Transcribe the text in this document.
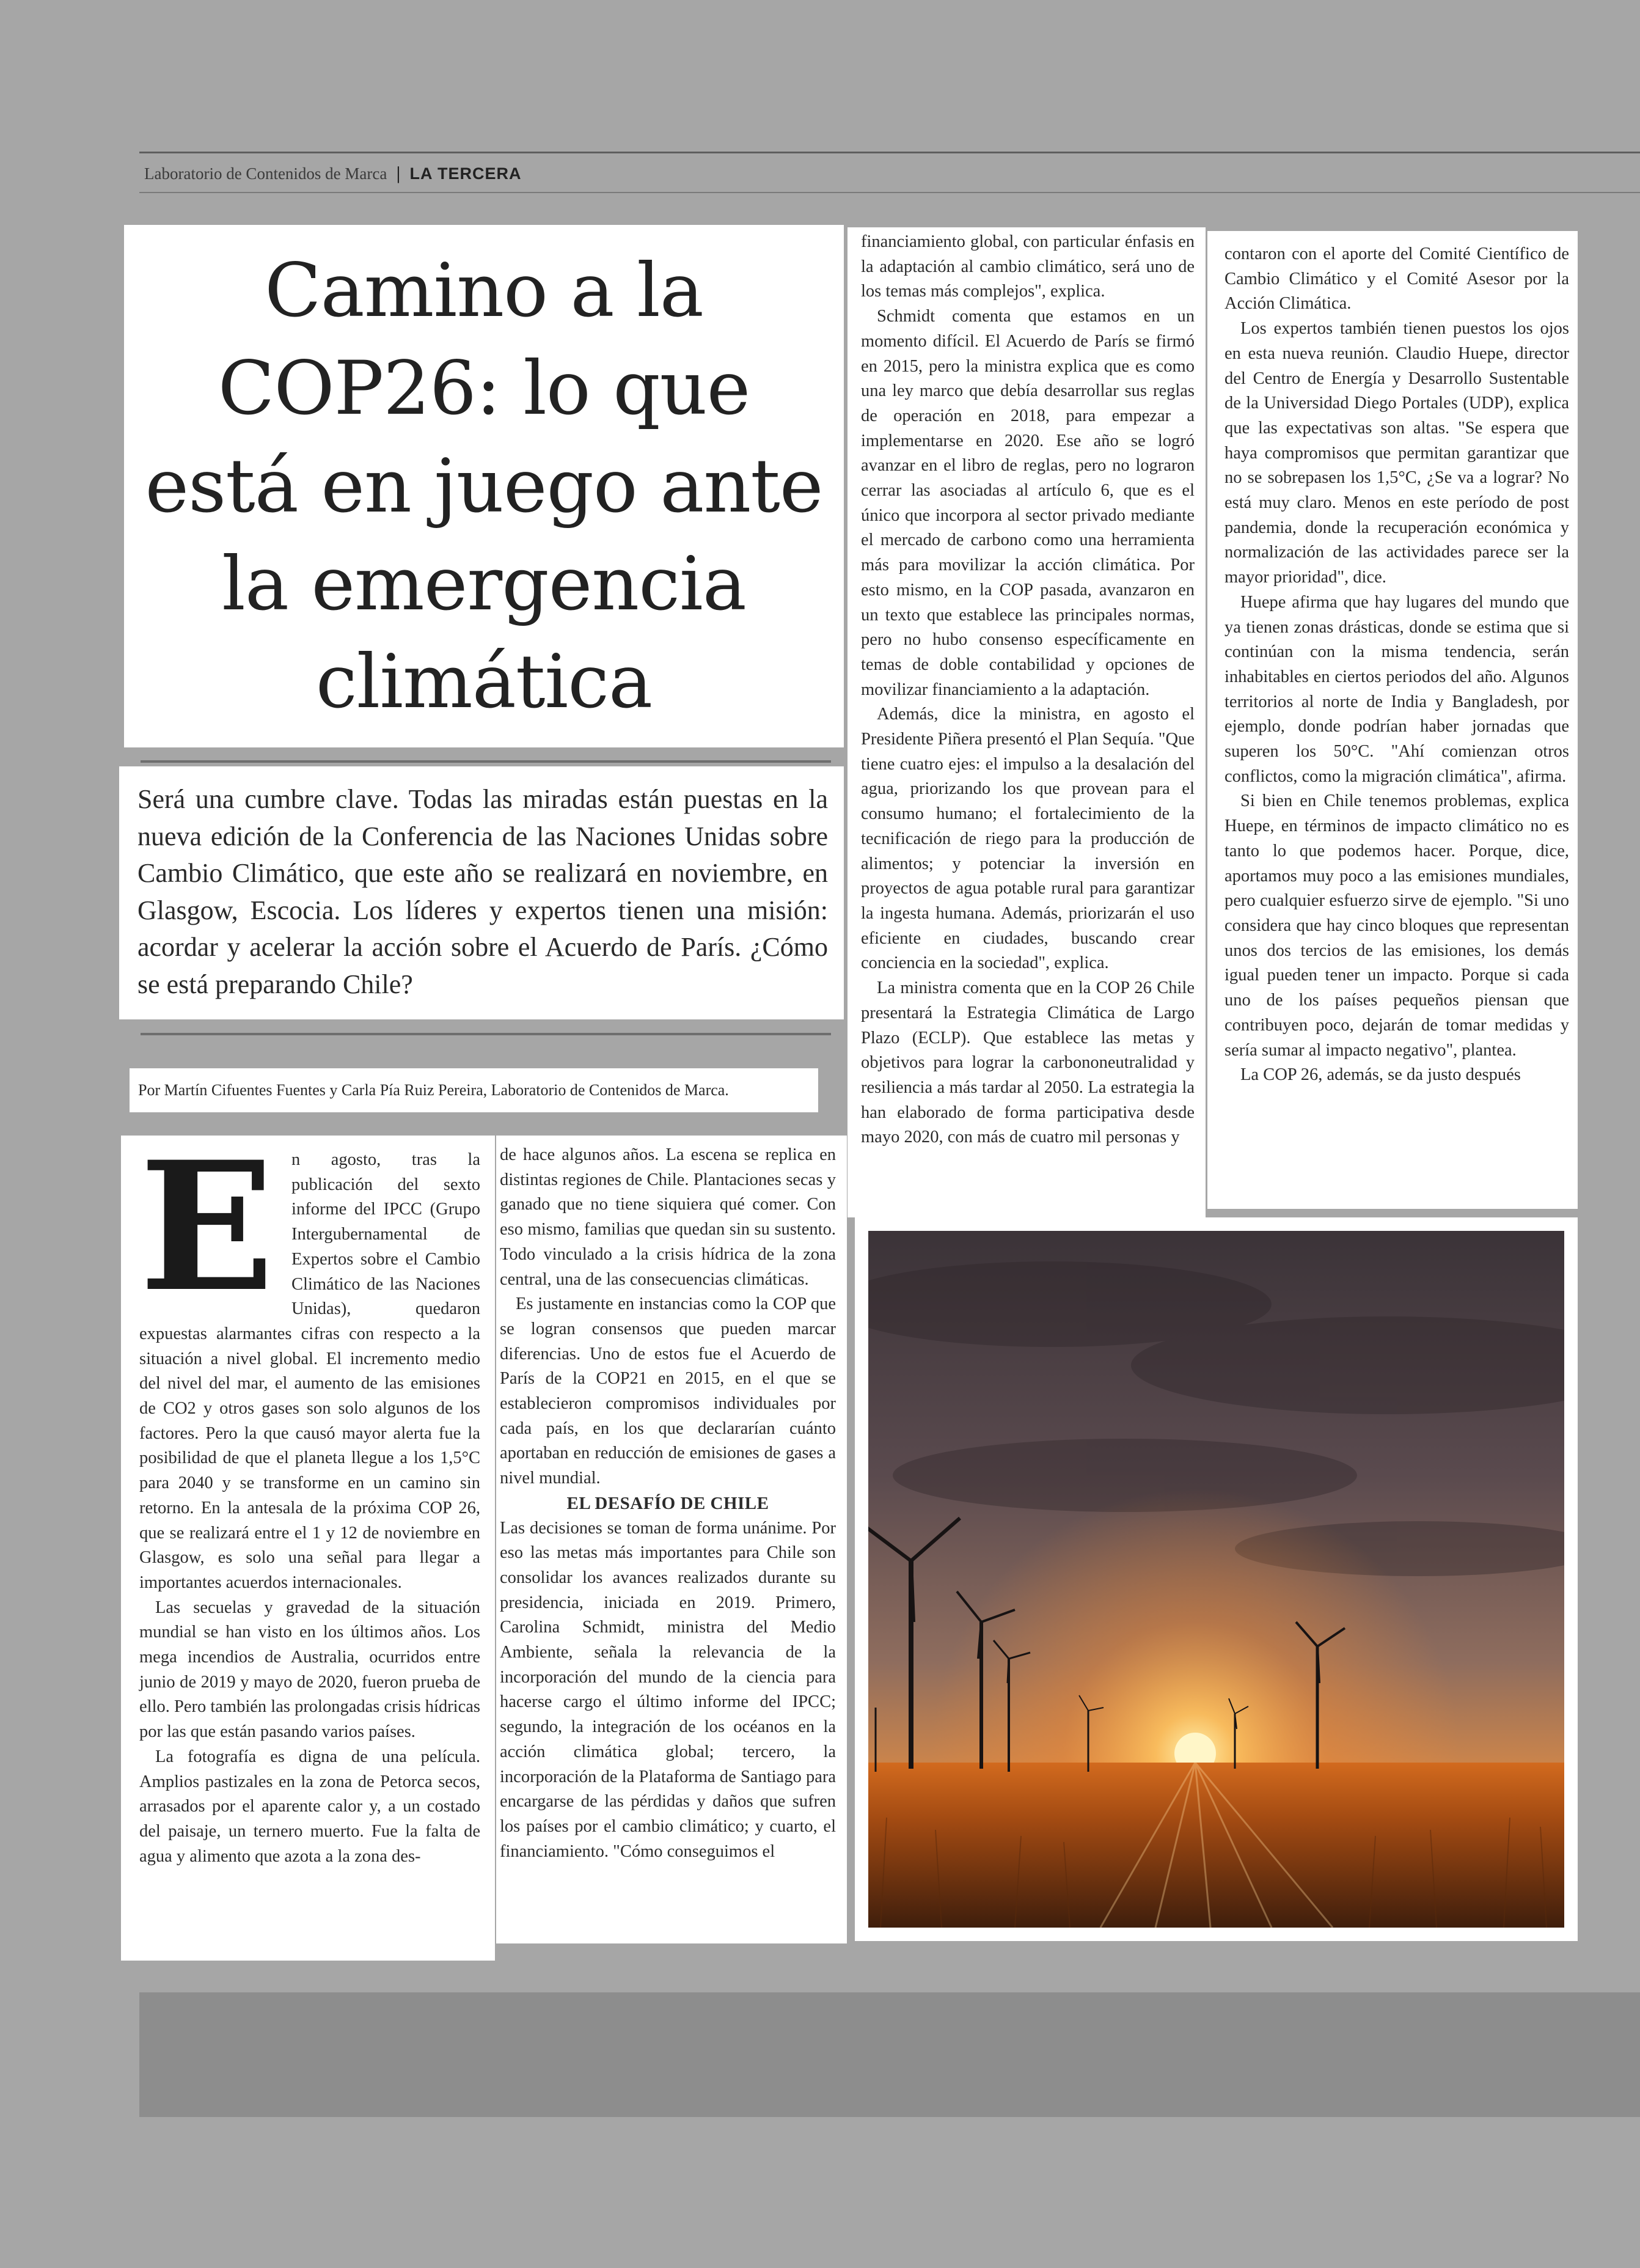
Laboratorio de Contenidos de Marca | LA TERCERA
Camino a la COP26: lo que está en juego ante la emergencia climática

Será una cumbre clave. Todas las miradas están puestas en la nueva edición de la Conferencia de las Naciones Unidas sobre Cambio Climático, que este año se realizará en noviembre, en Glasgow, Escocia. Los líderes y expertos tienen una misión: acordar y acelerar la acción sobre el Acuerdo de París. ¿Cómo se está preparando Chile?

Por Martín Cifuentes Fuentes y Carla Pía Ruiz Pereira, Laboratorio de Contenidos de Marca.
E n agosto, tras la publicación del sexto informe del IPCC (Grupo Intergubernamental de Expertos sobre el Cambio Climático de las Naciones Unidas), quedaron expuestas alarmantes cifras con respecto a la situación a nivel global. El incremento medio del nivel del mar, el aumento de las emisiones de CO2 y otros gases son solo algunos de los factores. Pero la que causó mayor alerta fue la posibilidad de que el planeta llegue a los 1,5°C para 2040 y se transforme en un camino sin retorno. En la antesala de la próxima COP 26, que se realizará entre el 1 y 12 de noviembre en Glasgow, es solo una señal para llegar a importantes acuerdos internacionales.

Las secuelas y gravedad de la situación mundial se han visto en los últimos años. Los mega incendios de Australia, ocurridos entre junio de 2019 y mayo de 2020, fueron prueba de ello. Pero también las prolongadas crisis hídricas por las que están pasando varios países.

La fotografía es digna de una película. Amplios pastizales en la zona de Petorca secos, arrasados por el aparente calor y, a un costado del paisaje, un ternero muerto. Fue la falta de agua y alimento que azota a la zona des-

de hace algunos años. La escena se replica en distintas regiones de Chile. Plantaciones secas y ganado que no tiene siquiera qué comer. Con eso mismo, familias que quedan sin su sustento. Todo vinculado a la crisis hídrica de la zona central, una de las consecuencias climáticas.

Es justamente en instancias como la COP que se logran consensos que pueden marcar diferencias. Uno de estos fue el Acuerdo de París de la COP21 en 2015, en el que se establecieron compromisos individuales por cada país, en los que declararían cuánto aportaban en reducción de emisiones de gases a nivel mundial.

EL DESAFÍO DE CHILE

Las decisiones se toman de forma unánime. Por eso las metas más importantes para Chile son consolidar los avances realizados durante su presidencia, iniciada en 2019. Primero, Carolina Schmidt, ministra del Medio Ambiente, señala la relevancia de la incorporación del mundo de la ciencia para hacerse cargo el último informe del IPCC; segundo, la integración de los océanos en la acción climática global; tercero, la incorporación de la Plataforma de Santiago para encargarse de las pérdidas y daños que sufren los países por el cambio climático; y cuarto, el financiamiento. "Cómo conseguimos el

financiamiento global, con particular énfasis en la adaptación al cambio climático, será uno de los temas más complejos", explica.

Schmidt comenta que estamos en un momento difícil. El Acuerdo de París se firmó en 2015, pero la ministra explica que es como una ley marco que debía desarrollar sus reglas de operación en 2018, para empezar a implementarse en 2020. Ese año se logró avanzar en el libro de reglas, pero no lograron cerrar las asociadas al artículo 6, que es el único que incorpora al sector privado mediante el mercado de carbono como una herramienta más para movilizar la acción climática. Por esto mismo, en la COP pasada, avanzaron en un texto que establece las principales normas, pero no hubo consenso específicamente en temas de doble contabilidad y opciones de movilizar financiamiento a la adaptación.

Además, dice la ministra, en agosto el Presidente Piñera presentó el Plan Sequía. "Que tiene cuatro ejes: el impulso a la desalación del agua, priorizando los que provean para el consumo humano; el fortalecimiento de la tecnificación de riego para la producción de alimentos; y potenciar la inversión en proyectos de agua potable rural para garantizar la ingesta humana. Además, priorizarán el uso eficiente en ciudades, buscando crear conciencia en la sociedad", explica.

La ministra comenta que en la COP 26 Chile presentará la Estrategia Climática de Largo Plazo (ECLP). Que establece las metas y objetivos para lograr la carbononeutralidad y resiliencia a más tardar al 2050. La estrategia la han elaborado de forma participativa desde mayo 2020, con más de cuatro mil personas y

contaron con el aporte del Comité Científico de Cambio Climático y el Comité Asesor por la Acción Climática.

Los expertos también tienen puestos los ojos en esta nueva reunión. Claudio Huepe, director del Centro de Energía y Desarrollo Sustentable de la Universidad Diego Portales (UDP), explica que las expectativas son altas. "Se espera que haya compromisos que permitan garantizar que no se sobrepasen los 1,5°C, ¿Se va a lograr? No está muy claro. Menos en este período de post pandemia, donde la recuperación económica y normalización de las actividades parece ser la mayor prioridad", dice.

Huepe afirma que hay lugares del mundo que ya tienen zonas drásticas, donde se estima que si continúan con la misma tendencia, serán inhabitables en ciertos periodos del año. Algunos territorios al norte de India y Bangladesh, por ejemplo, donde podrían haber jornadas que superen los 50°C. "Ahí comienzan otros conflictos, como la migración climática", afirma.

Si bien en Chile tenemos problemas, explica Huepe, en términos de impacto climático no es tanto lo que podemos hacer. Porque, dice, aportamos muy poco a las emisiones mundiales, pero cualquier esfuerzo sirve de ejemplo. "Si uno considera que hay cinco bloques que representan unos dos tercios de las emisiones, los demás igual pueden tener un impacto. Porque si cada uno de los países pequeños piensan que contribuyen poco, dejarán de tomar medidas y sería sumar al impacto negativo", plantea.

La COP 26, además, se da justo después
